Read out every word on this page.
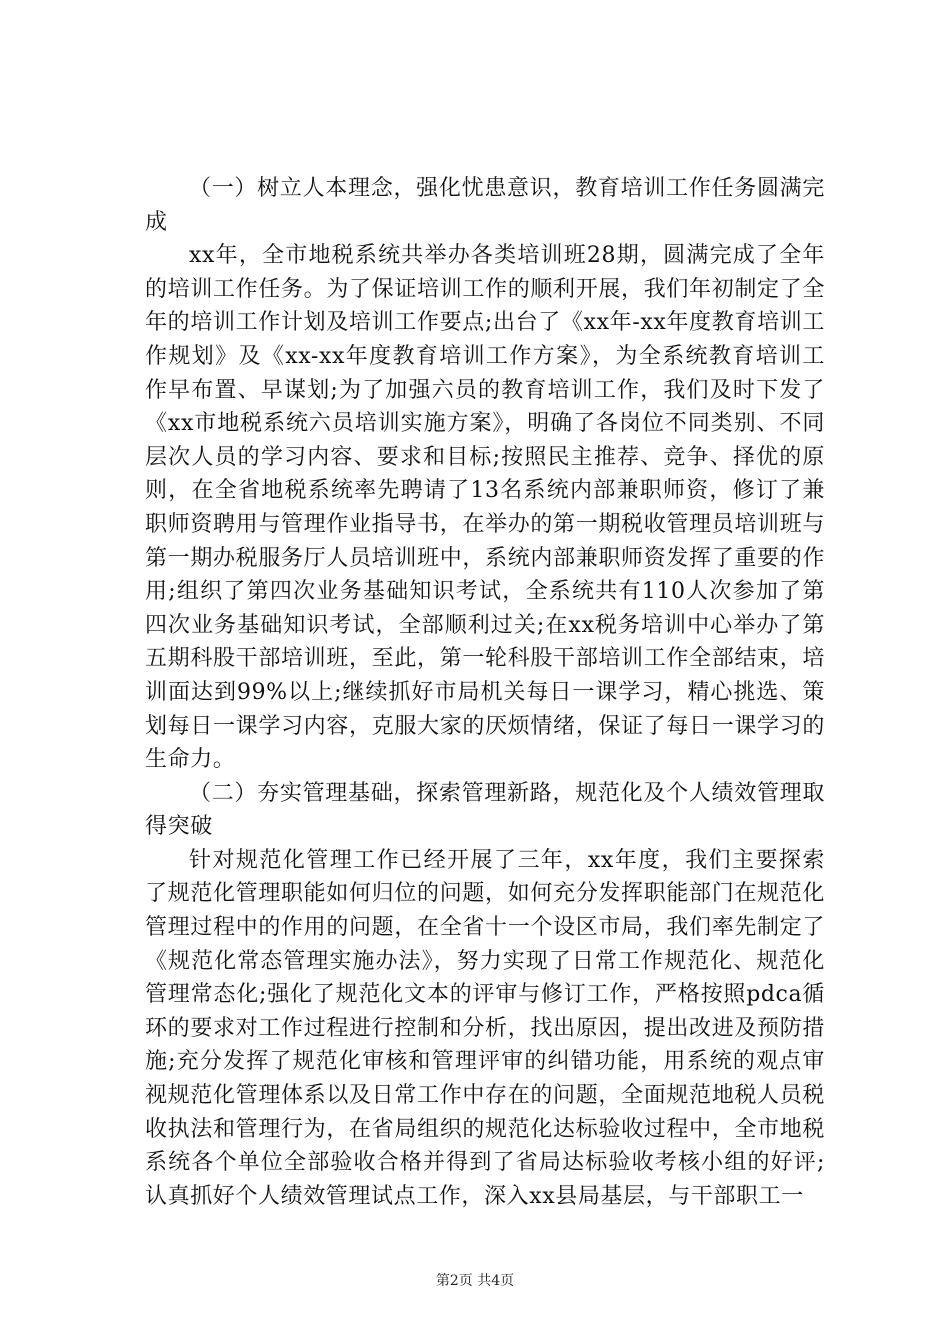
（一）树立人本理念，强化忧患意识，教育培训工作任务圆满完成

xx年，全市地税系统共举办各类培训班28期，圆满完成了全年的培训工作任务。为了保证培训工作的顺利开展，我们年初制定了全年的培训工作计划及培训工作要点;出台了《xx年-xx年度教育培训工作规划》及《xx-xx年度教育培训工作方案》，为全系统教育培训工作早布置、早谋划;为了加强六员的教育培训工作，我们及时下发了《xx市地税系统六员培训实施方案》，明确了各岗位不同类别、不同层次人员的学习内容、要求和目标;按照民主推荐、竞争、择优的原则，在全省地税系统率先聘请了13名系统内部兼职师资，修订了兼职师资聘用与管理作业指导书，在举办的第一期税收管理员培训班与第一期办税服务厅人员培训班中，系统内部兼职师资发挥了重要的作用;组织了第四次业务基础知识考试，全系统共有110人次参加了第四次业务基础知识考试，全部顺利过关;在xx税务培训中心举办了第五期科股干部培训班，至此，第一轮科股干部培训工作全部结束，培训面达到99%以上;继续抓好市局机关每日一课学习，精心挑选、策划每日一课学习内容，克服大家的厌烦情绪，保证了每日一课学习的生命力。

（二）夯实管理基础，探索管理新路，规范化及个人绩效管理取得突破

针对规范化管理工作已经开展了三年，xx年度，我们主要探索了规范化管理职能如何归位的问题，如何充分发挥职能部门在规范化管理过程中的作用的问题，在全省十一个设区市局，我们率先制定了《规范化常态管理实施办法》，努力实现了日常工作规范化、规范化管理常态化;强化了规范化文本的评审与修订工作，严格按照pdca循环的要求对工作过程进行控制和分析，找出原因，提出改进及预防措施;充分发挥了规范化审核和管理评审的纠错功能，用系统的观点审视规范化管理体系以及日常工作中存在的问题，全面规范地税人员税收执法和管理行为，在省局组织的规范化达标验收过程中，全市地税系统各个单位全部验收合格并得到了省局达标验收考核小组的好评;认真抓好个人绩效管理试点工作，深入xx县局基层，与干部职工一

第2页 共4页
